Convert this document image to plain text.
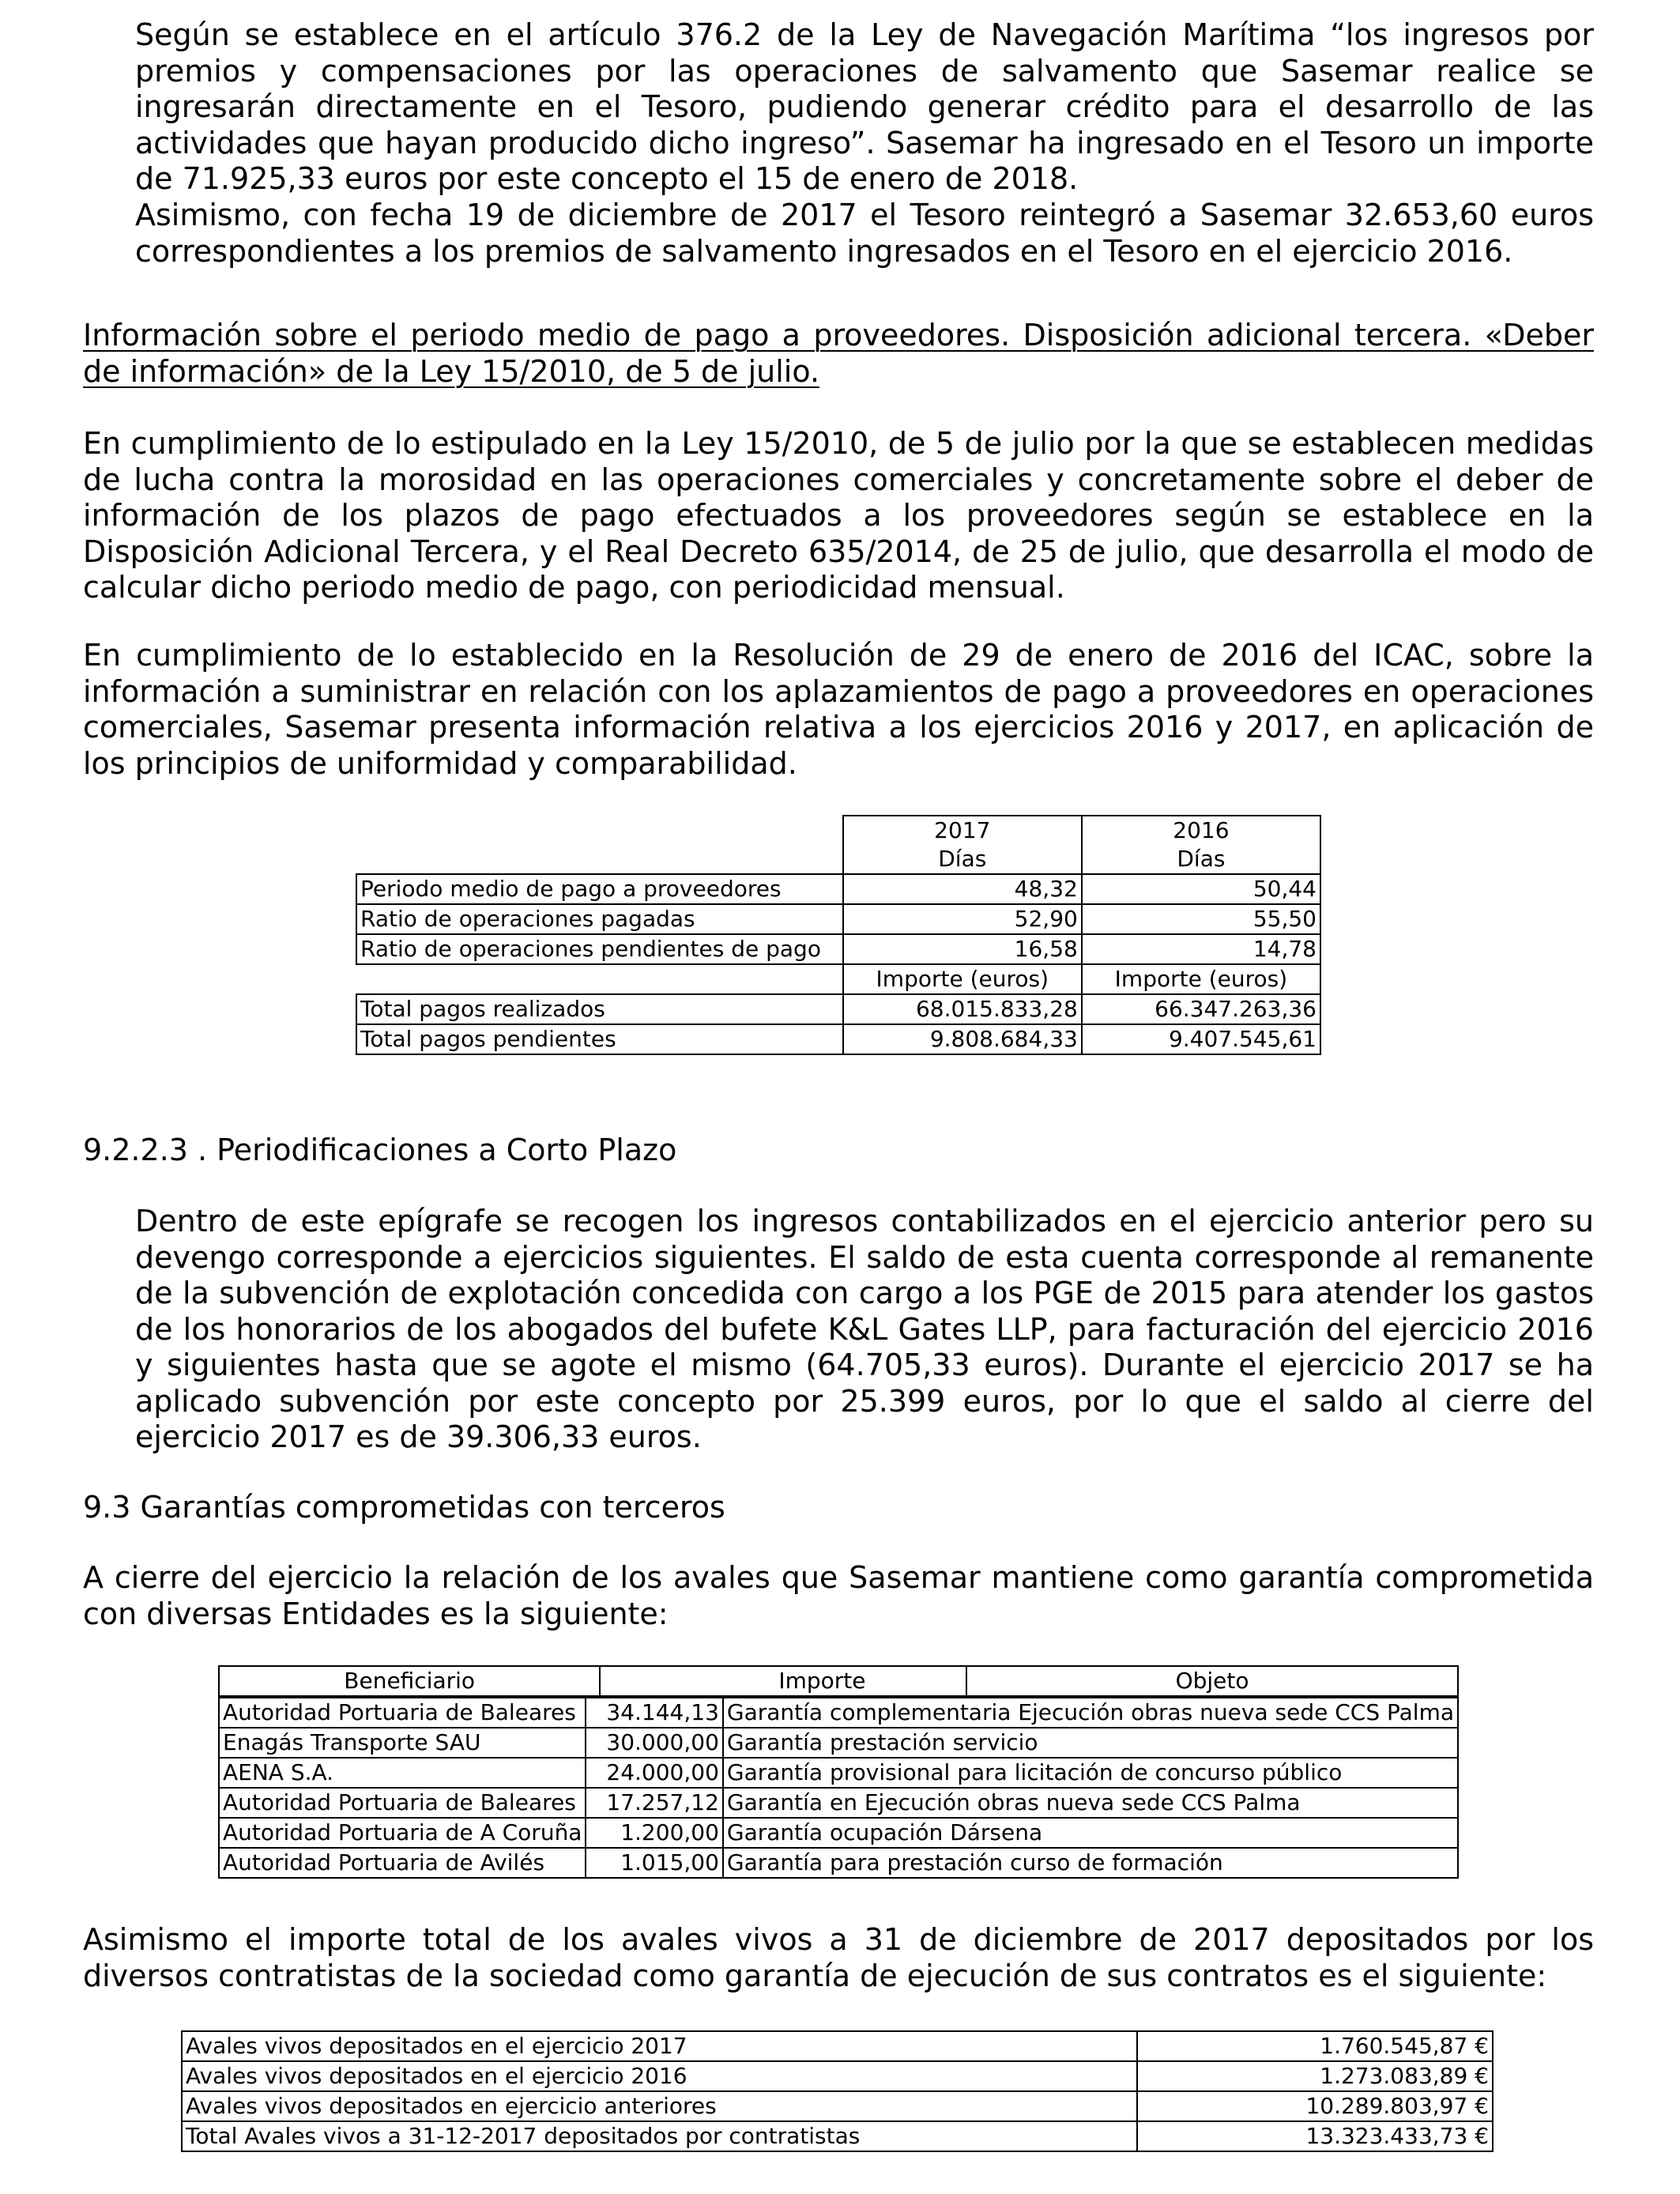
Según se establece en el artículo 376.2 de la Ley de Navegación Marítima “los ingresos por premios y compensaciones por las operaciones de salvamento que Sasemar realice se ingresarán directamente en el Tesoro, pudiendo generar crédito para el desarrollo de las actividades que hayan producido dicho ingreso”. Sasemar ha ingresado en el Tesoro un importe de 71.925,33 euros por este concepto el 15 de enero de 2018.

Asimismo, con fecha 19 de diciembre de 2017 el Tesoro reintegró a Sasemar 32.653,60 euros correspondientes a los premios de salvamento ingresados en el Tesoro en el ejercicio 2016.

Información sobre el periodo medio de pago a proveedores. Disposición adicional tercera. «Deber de información» de la Ley 15/2010, de 5 de julio.

En cumplimiento de lo estipulado en la Ley 15/2010, de 5 de julio por la que se establecen medidas de lucha contra la morosidad en las operaciones comerciales y concretamente sobre el deber de información de los plazos de pago efectuados a los proveedores según se establece en la Disposición Adicional Tercera, y el Real Decreto 635/2014, de 25 de julio, que desarrolla el modo de calcular dicho periodo medio de pago, con periodicidad mensual.

En cumplimiento de lo establecido en la Resolución de 29 de enero de 2016 del ICAC, sobre la información a suministrar en relación con los aplazamientos de pago a proveedores en operaciones comerciales, Sasemar presenta información relativa a los ejercicios 2016 y 2017, en aplicación de los principios de uniformidad y comparabilidad.

	2017	2016
	Días	Días
Periodo medio de pago a proveedores	48,32	50,44
Ratio de operaciones pagadas	52,90	55,50
Ratio de operaciones pendientes de pago	16,58	14,78
	Importe (euros)	Importe (euros)
Total pagos realizados	68.015.833,28	66.347.263,36
Total pagos pendientes	9.808.684,33	9.407.545,61

9.2.2.3 . Periodificaciones a Corto Plazo

Dentro de este epígrafe se recogen los ingresos contabilizados en el ejercicio anterior pero su devengo corresponde a ejercicios siguientes. El saldo de esta cuenta corresponde al remanente de la subvención de explotación concedida con cargo a los PGE de 2015 para atender los gastos de los honorarios de los abogados del bufete K&L Gates LLP, para facturación del ejercicio 2016 y siguientes hasta que se agote el mismo (64.705,33 euros). Durante el ejercicio 2017 se ha aplicado subvención por este concepto por 25.399 euros, por lo que el saldo al cierre del ejercicio 2017 es de 39.306,33 euros.

9.3 Garantías comprometidas con terceros

A cierre del ejercicio la relación de los avales que Sasemar mantiene como garantía comprometida con diversas Entidades es la siguiente:

Beneficiario	Importe	Objeto
Autoridad Portuaria de Baleares	34.144,13	Garantía complementaria Ejecución obras nueva sede CCS Palma
Enagás Transporte SAU	30.000,00	Garantía prestación servicio
AENA S.A.	24.000,00	Garantía provisional para licitación de concurso público
Autoridad Portuaria de Baleares	17.257,12	Garantía en Ejecución obras nueva sede CCS Palma
Autoridad Portuaria de A Coruña	1.200,00	Garantía ocupación Dársena
Autoridad Portuaria de Avilés	1.015,00	Garantía para prestación curso de formación

Asimismo el importe total de los avales vivos a 31 de diciembre de 2017 depositados por los diversos contratistas de la sociedad como garantía de ejecución de sus contratos es el siguiente:

Avales vivos depositados en el ejercicio 2017	1.760.545,87 €
Avales vivos depositados en el ejercicio 2016	1.273.083,89 €
Avales vivos depositados en ejercicio anteriores	10.289.803,97 €
Total Avales vivos a 31-12-2017 depositados por contratistas	13.323.433,73 €
